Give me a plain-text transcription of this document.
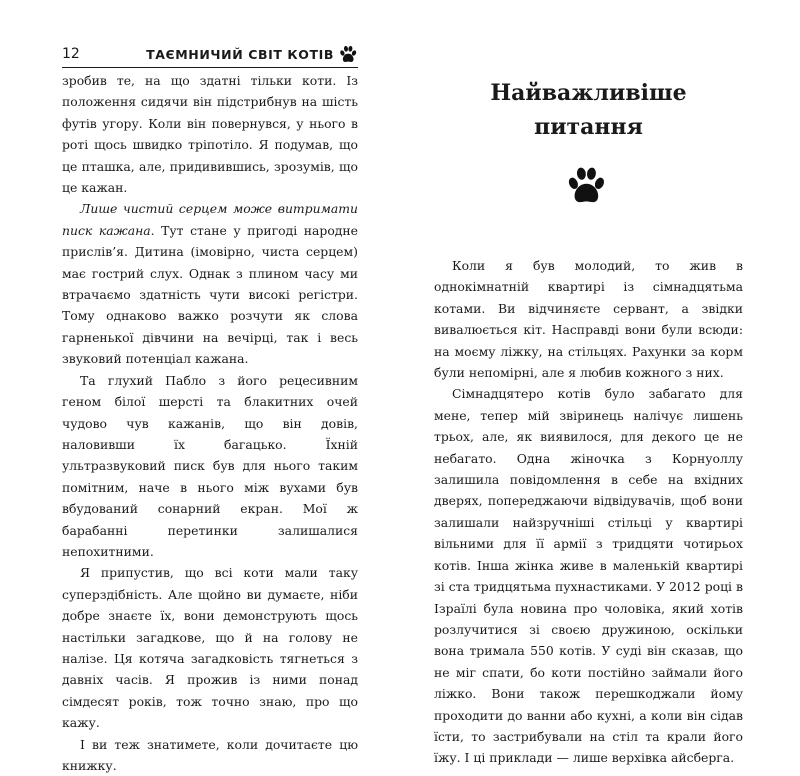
12	ТАЄМНИЧИЙ СВІТ КОТІВ

зробив те, на що здатні тільки коти. Із положення сидячи він підстрибнув на шість футів угору. Коли він повернувся, у нього в роті щось швидко тріпотіло. Я подумав, що це пташка, але, придивившись, зрозумів, що це кажан.

Лише чистий серцем може витримати писк кажана. Тут стане у пригоді народне прислів’я. Дитина (імовірно, чиста серцем) має гострий слух. Однак з плином часу ми втрачаємо здатність чути високі регістри. Тому однаково важко розчути як слова гарненької дівчини на вечірці, так і весь звуковий потенціал кажана.

Та глухий Пабло з його рецесивним геном білої шерсті та блакитних очей чудово чув кажанів, що він довів, наловивши їх багацько. Їхній ультразвуковий писк був для нього таким помітним, наче в нього між вухами був вбудований сонарний екран. Мої ж барабанні перетинки залишалися непохитними.

Я припустив, що всі коти мали таку суперздібність. Але щойно ви думаєте, ніби добре знаєте їх, вони демонструють щось настільки загадкове, що й на голову не налізе. Ця котяча загадковість тягнеться з давніх часів. Я прожив із ними понад сімдесят років, тож точно знаю, про що кажу.

І ви теж знатимете, коли дочитаєте цю книжку.

Найважливіше
питання

Коли я був молодий, то жив в однокімнатній квартирі із сімнадцятьма котами. Ви відчиняєте сервант, а звідки вивалюється кіт. Насправді вони були всюди: на моєму ліжку, на стільцях. Рахунки за корм були непомірні, але я любив кожного з них.

Сімнадцятеро котів було забагато для мене, тепер мій звіринець налічує лишень трьох, але, як виявилося, для декого це не небагато. Одна жіночка з Корнуоллу залишила повідомлення в себе на вхідних дверях, попереджаючи відвідувачів, щоб вони залишали найзручніші стільці у квартирі вільними для її армії з тридцяти чотирьох котів. Інша жінка живе в маленькій квартирі зі ста тридцятьма пухнастиками. У 2012 році в Ізраїлі була новина про чоловіка, який хотів розлучитися зі своєю дружиною, оскільки вона тримала 550 котів. У суді він сказав, що не міг спати, бо коти постійно займали його ліжко. Вони також перешкоджали йому проходити до ванни або кухні, а коли він сідав їсти, то застрибували на стіл та крали його їжу. І ці приклади — лише верхівка айсберга.
